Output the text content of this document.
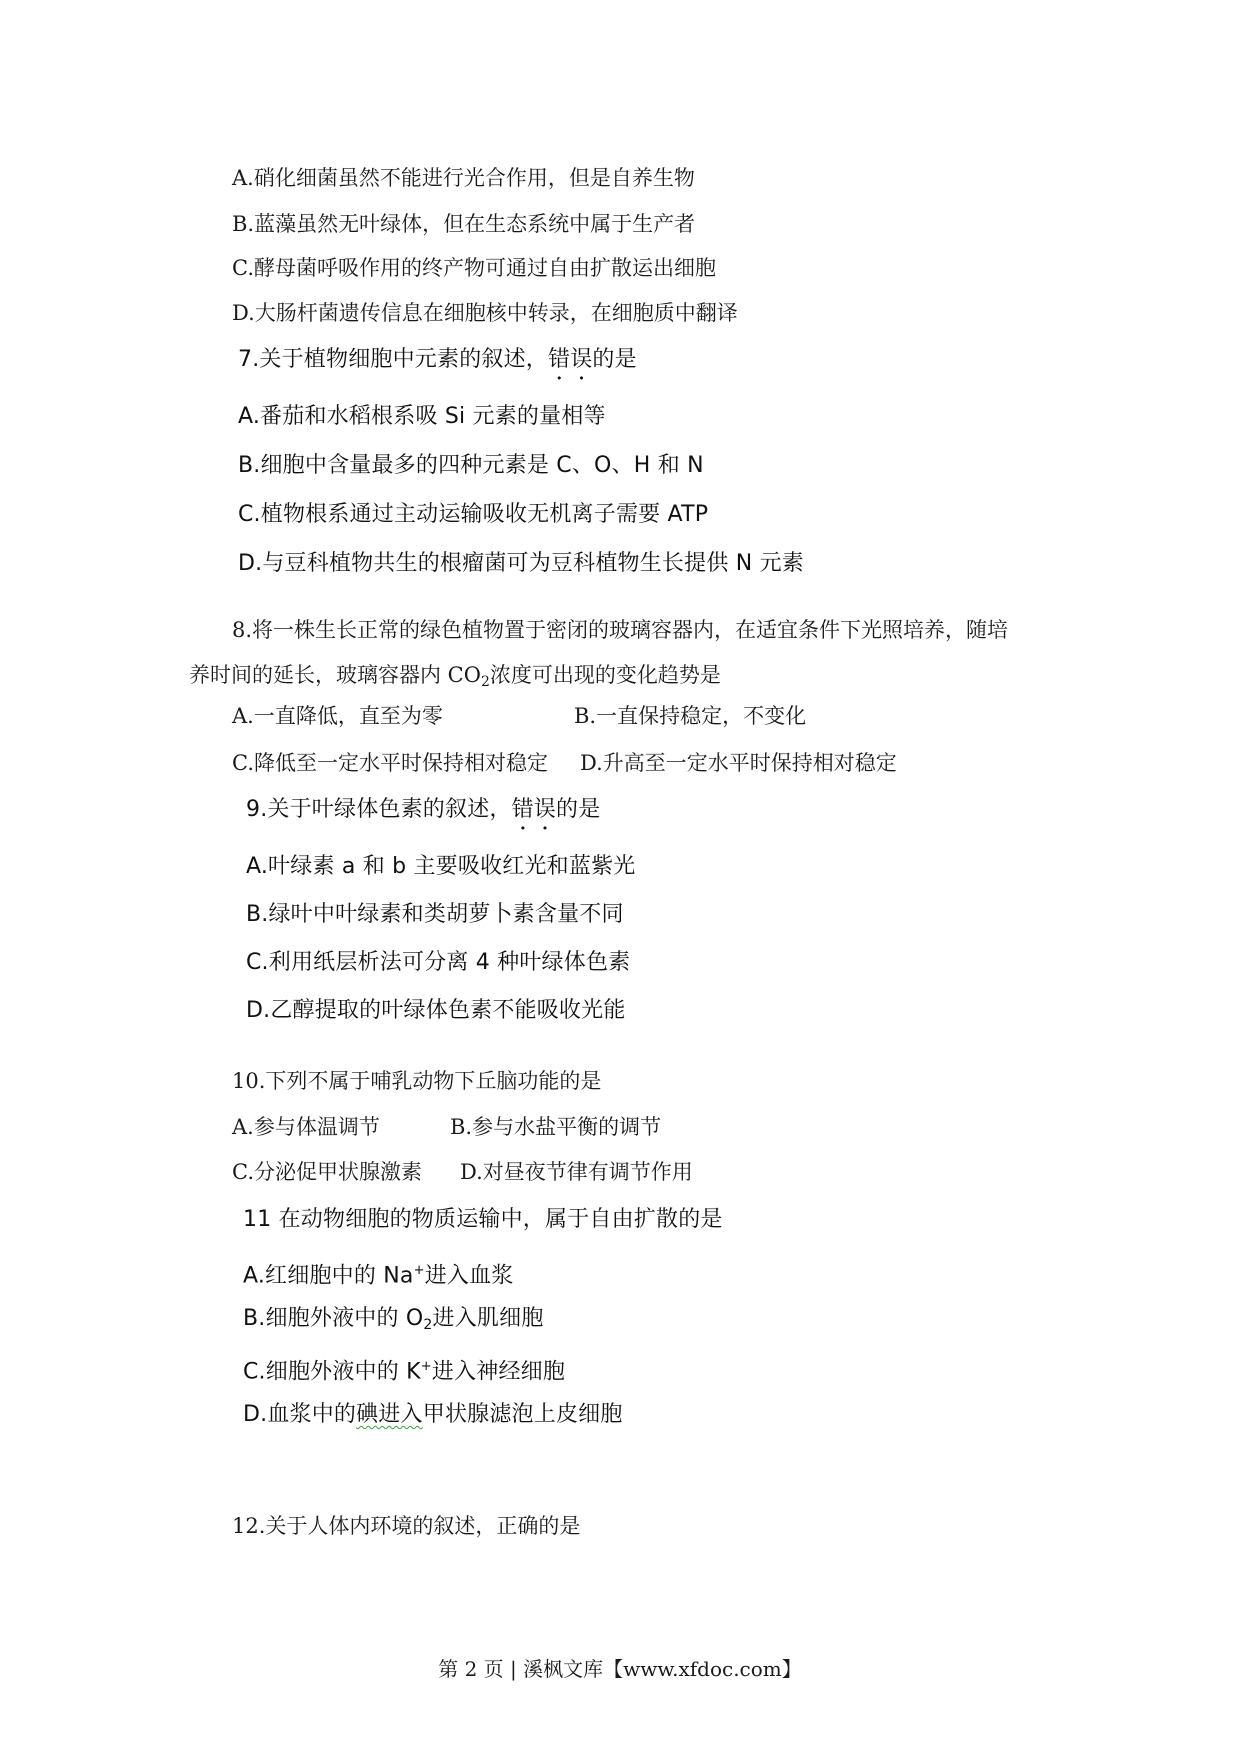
A.硝化细菌虽然不能进行光合作用，但是自养生物
B.蓝藻虽然无叶绿体，但在生态系统中属于生产者
C.酵母菌呼吸作用的终产物可通过自由扩散运出细胞
D.大肠杆菌遗传信息在细胞核中转录，在细胞质中翻译
7.关于植物细胞中元素的叙述，错误的是
A.番茄和水稻根系吸 Si 元素的量相等
B.细胞中含量最多的四种元素是 C、O、H 和 N
C.植物根系通过主动运输吸收无机离子需要 ATP
D.与豆科植物共生的根瘤菌可为豆科植物生长提供 N 元素
8.将一株生长正常的绿色植物置于密闭的玻璃容器内，在适宜条件下光照培养，随培
养时间的延长，玻璃容器内 $CO_2$浓度可出现的变化趋势是
A.一直降低，直至为零	B.一直保持稳定，不变化
C.降低至一定水平时保持相对稳定 D.升高至一定水平时保持相对稳定
9.关于叶绿体色素的叙述，错误的是
A.叶绿素 a 和 b 主要吸收红光和蓝紫光
B.绿叶中叶绿素和类胡萝卜素含量不同
C.利用纸层析法可分离 4 种叶绿体色素
D.乙醇提取的叶绿体色素不能吸收光能
10.下列不属于哺乳动物下丘脑功能的是
A.参与体温调节	B.参与水盐平衡的调节
C.分泌促甲状腺激素 D.对昼夜节律有调节作用
11 在动物细胞的物质运输中，属于自由扩散的是
A.红细胞中的 Na+进入血浆
B.细胞外液中的 $O_2$进入肌细胞
C.细胞外液中的 K+进入神经细胞
D.血浆中的碘进入甲状腺滤泡上皮细胞
12.关于人体内环境的叙述，正确的是
第 2 页 | 溪枫文库【www.xfdoc.com】
